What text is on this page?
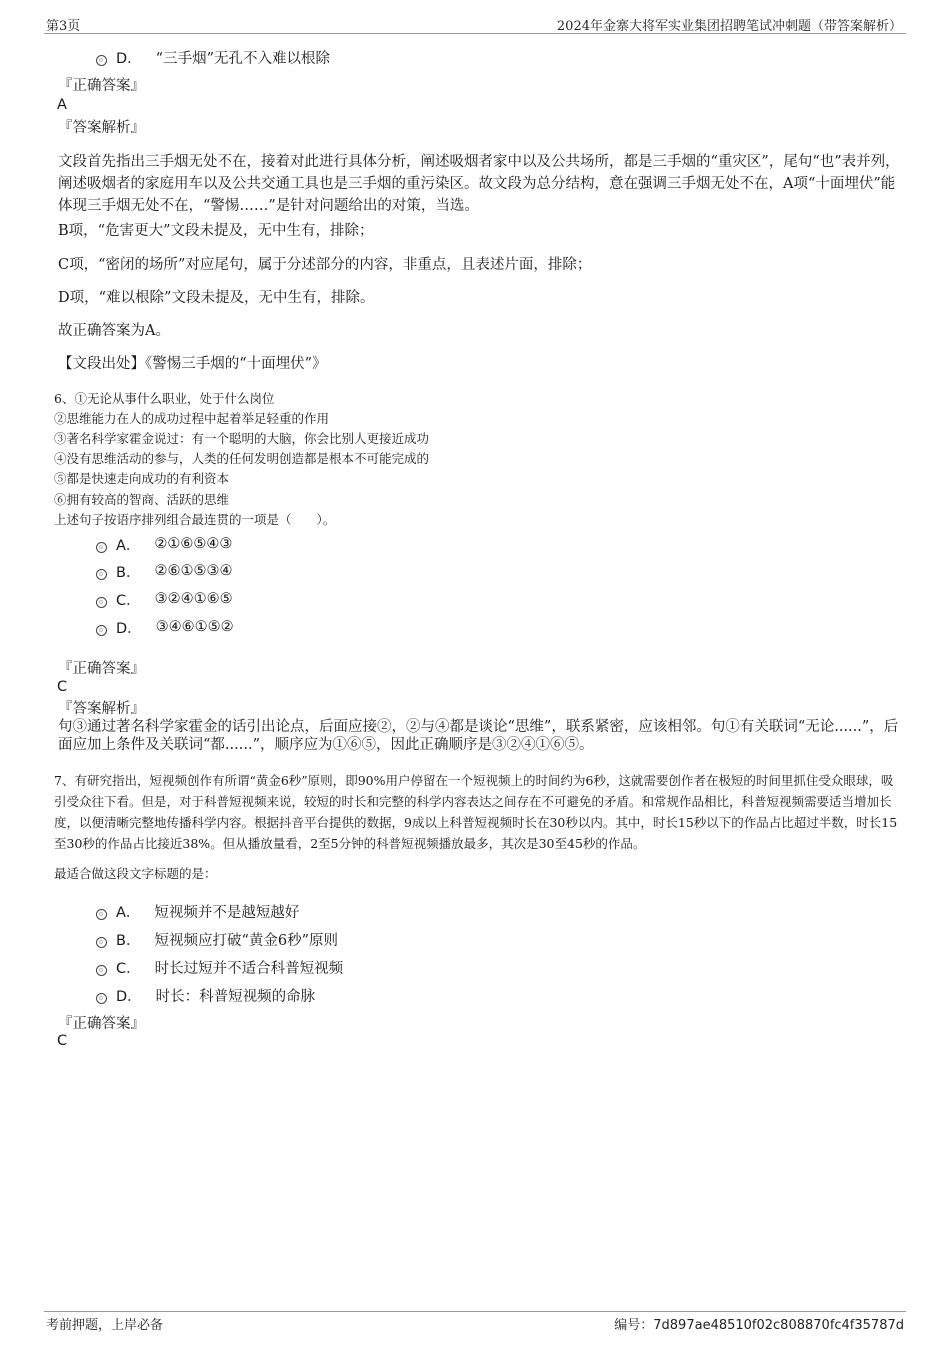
第3页	2024年金寨大将军实业集团招聘笔试冲刺题（带答案解析）
D． “三手烟”无孔不入难以根除
『正确答案』
A
『答案解析』
文段首先指出三手烟无处不在，接着对此进行具体分析，阐述吸烟者家中以及公共场所，都是三手烟的“重灾区”，尾句“也”表并列，阐述吸烟者的家庭用车以及公共交通工具也是三手烟的重污染区。故文段为总分结构，意在强调三手烟无处不在，A项“十面埋伏”能体现三手烟无处不在，“警惕……”是针对问题给出的对策，当选。
B项，“危害更大”文段未提及，无中生有，排除；
C项，“密闭的场所”对应尾句，属于分述部分的内容，非重点，且表述片面，排除；
D项，“难以根除”文段未提及，无中生有，排除。
故正确答案为A。
【文段出处】《警惕三手烟的“十面埋伏”》
6、①无论从事什么职业，处于什么岗位
②思维能力在人的成功过程中起着举足轻重的作用
③著名科学家霍金说过：有一个聪明的大脑，你会比别人更接近成功
④没有思维活动的参与，人类的任何发明创造都是根本不可能完成的
⑤都是快速走向成功的有利资本
⑥拥有较高的智商、活跃的思维
上述句子按语序排列组合最连贯的一项是（　　）。
A． ②①⑥⑤④③
B． ②⑥①⑤③④
C． ③②④①⑥⑤
D． ③④⑥①⑤②
『正确答案』
C
『答案解析』
句③通过著名科学家霍金的话引出论点，后面应接②，②与④都是谈论“思维”，联系紧密，应该相邻。句①有关联词“无论......”，后面应加上条件及关联词“都......”，顺序应为①⑥⑤，因此正确顺序是③②④①⑥⑤。
7、有研究指出，短视频创作有所谓“黄金6秒”原则，即90%用户停留在一个短视频上的时间约为6秒，这就需要创作者在极短的时间里抓住受众眼球，吸引受众往下看。但是，对于科普短视频来说，较短的时长和完整的科学内容表达之间存在不可避免的矛盾。和常规作品相比，科普短视频需要适当增加长度，以便清晰完整地传播科学内容。根据抖音平台提供的数据，9成以上科普短视频时长在30秒以内。其中，时长15秒以下的作品占比超过半数，时长15至30秒的作品占比接近38%。但从播放量看，2至5分钟的科普短视频播放最多，其次是30至45秒的作品。
最适合做这段文字标题的是：
A． 短视频并不是越短越好
B． 短视频应打破“黄金6秒”原则
C． 时长过短并不适合科普短视频
D． 时长：科普短视频的命脉
『正确答案』
C
考前押题，上岸必备	编号：7d897ae48510f02c808870fc4f35787d
